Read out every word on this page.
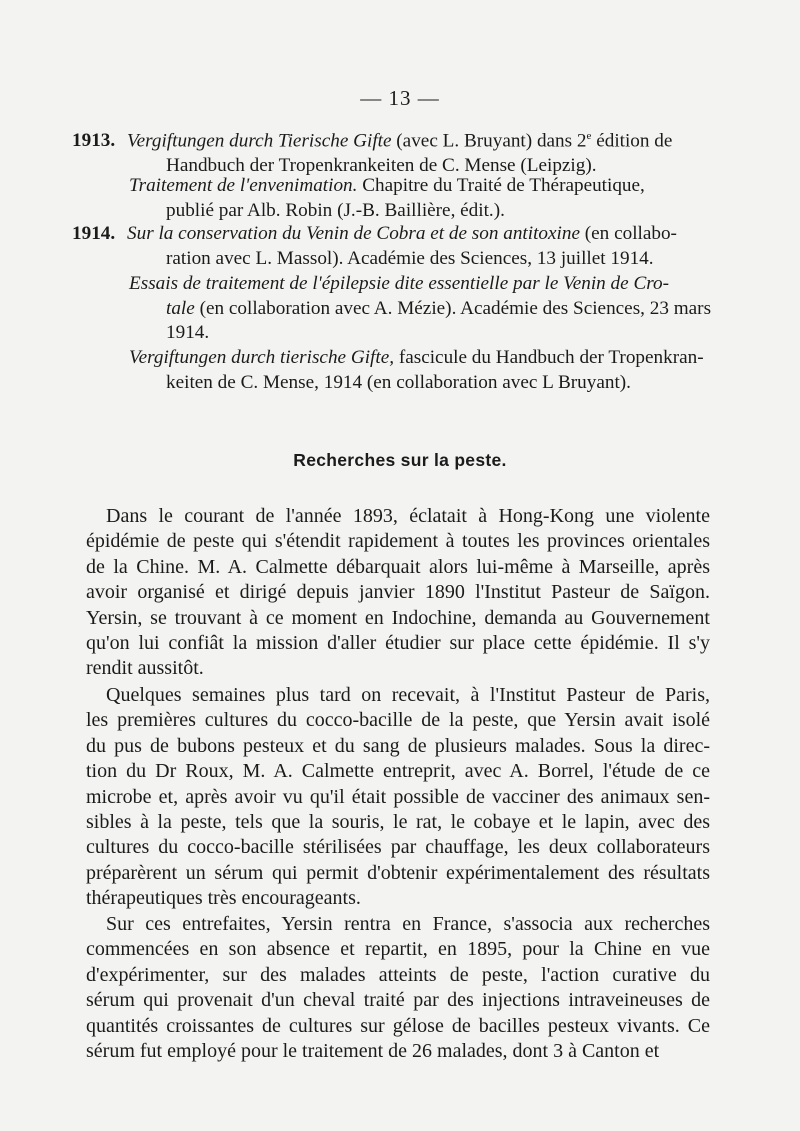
— 13 —
1913. Vergiftungen durch Tierische Gifte (avec L. Bruyant) dans 2e édition de
Handbuch der Tropenkrankeiten de C. Mense (Leipzig).
Traitement de l'envenimation. Chapitre du Traité de Thérapeutique,
publié par Alb. Robin (J.-B. Baillière, édit.).
1914. Sur la conservation du Venin de Cobra et de son antitoxine (en collabo-
ration avec L. Massol). Académie des Sciences, 13 juillet 1914.
Essais de traitement de l'épilepsie dite essentielle par le Venin de Cro-
tale (en collaboration avec A. Mézie). Académie des Sciences, 23 mars
1914.
Vergiftungen durch tierische Gifte, fascicule du Handbuch der Tropenkran-
keiten de C. Mense, 1914 (en collaboration avec L Bruyant).
Recherches sur la peste.
Dans le courant de l'année 1893, éclatait à Hong-Kong une violente
épidémie de peste qui s'étendit rapidement à toutes les provinces orientales
de la Chine. M. A. Calmette débarquait alors lui-même à Marseille, après
avoir organisé et dirigé depuis janvier 1890 l'Institut Pasteur de Saïgon.
Yersin, se trouvant à ce moment en Indochine, demanda au Gouvernement
qu'on lui confiât la mission d'aller étudier sur place cette épidémie. Il s'y
rendit aussitôt.
Quelques semaines plus tard on recevait, à l'Institut Pasteur de Paris,
les premières cultures du cocco-bacille de la peste, que Yersin avait isolé
du pus de bubons pesteux et du sang de plusieurs malades. Sous la direc-
tion du Dr Roux, M. A. Calmette entreprit, avec A. Borrel, l'étude de ce
microbe et, après avoir vu qu'il était possible de vacciner des animaux sen-
sibles à la peste, tels que la souris, le rat, le cobaye et le lapin, avec des
cultures du cocco-bacille stérilisées par chauffage, les deux collaborateurs
préparèrent un sérum qui permit d'obtenir expérimentalement des résultats
thérapeutiques très encourageants.
Sur ces entrefaites, Yersin rentra en France, s'associa aux recherches
commencées en son absence et repartit, en 1895, pour la Chine en vue
d'expérimenter, sur des malades atteints de peste, l'action curative du
sérum qui provenait d'un cheval traité par des injections intraveineuses de
quantités croissantes de cultures sur gélose de bacilles pesteux vivants. Ce
sérum fut employé pour le traitement de 26 malades, dont 3 à Canton et
